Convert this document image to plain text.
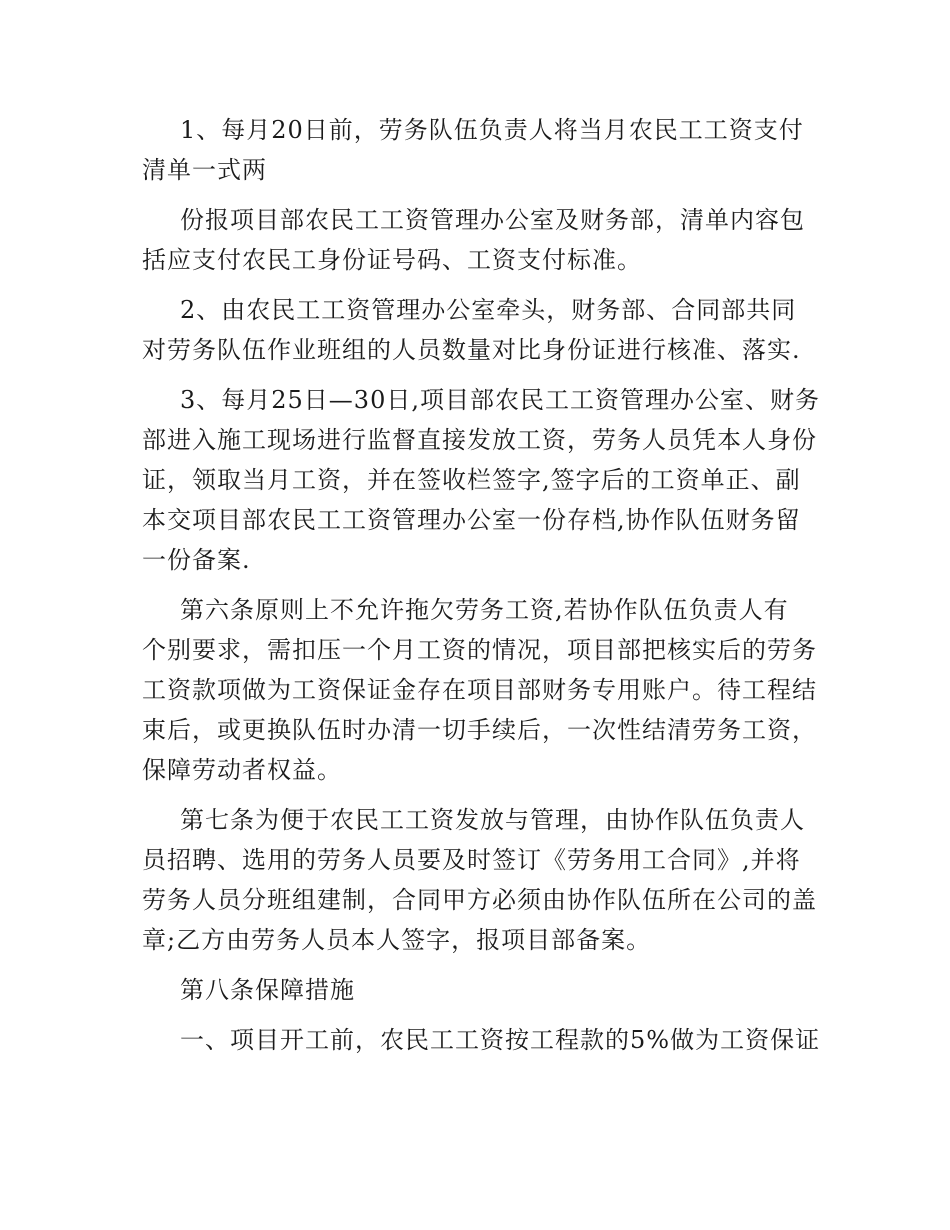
1、每月20日前，劳务队伍负责人将当月农民工工资支付
清单一式两

份报项目部农民工工资管理办公室及财务部，清单内容包
括应支付农民工身份证号码、工资支付标准。

2、由农民工工资管理办公室牵头，财务部、合同部共同
对劳务队伍作业班组的人员数量对比身份证进行核准、落实.

3、每月25日—30日,项目部农民工工资管理办公室、财务
部进入施工现场进行监督直接发放工资，劳务人员凭本人身份
证，领取当月工资，并在签收栏签字,签字后的工资单正、副
本交项目部农民工工资管理办公室一份存档,协作队伍财务留
一份备案.

第六条原则上不允许拖欠劳务工资,若协作队伍负责人有
个别要求，需扣压一个月工资的情况，项目部把核实后的劳务
工资款项做为工资保证金存在项目部财务专用账户。待工程结
束后，或更换队伍时办清一切手续后，一次性结清劳务工资，
保障劳动者权益。

第七条为便于农民工工资发放与管理，由协作队伍负责人
员招聘、选用的劳务人员要及时签订《劳务用工合同》,并将
劳务人员分班组建制，合同甲方必须由协作队伍所在公司的盖
章;乙方由劳务人员本人签字，报项目部备案。

第八条保障措施

一、项目开工前，农民工工资按工程款的5%做为工资保证
